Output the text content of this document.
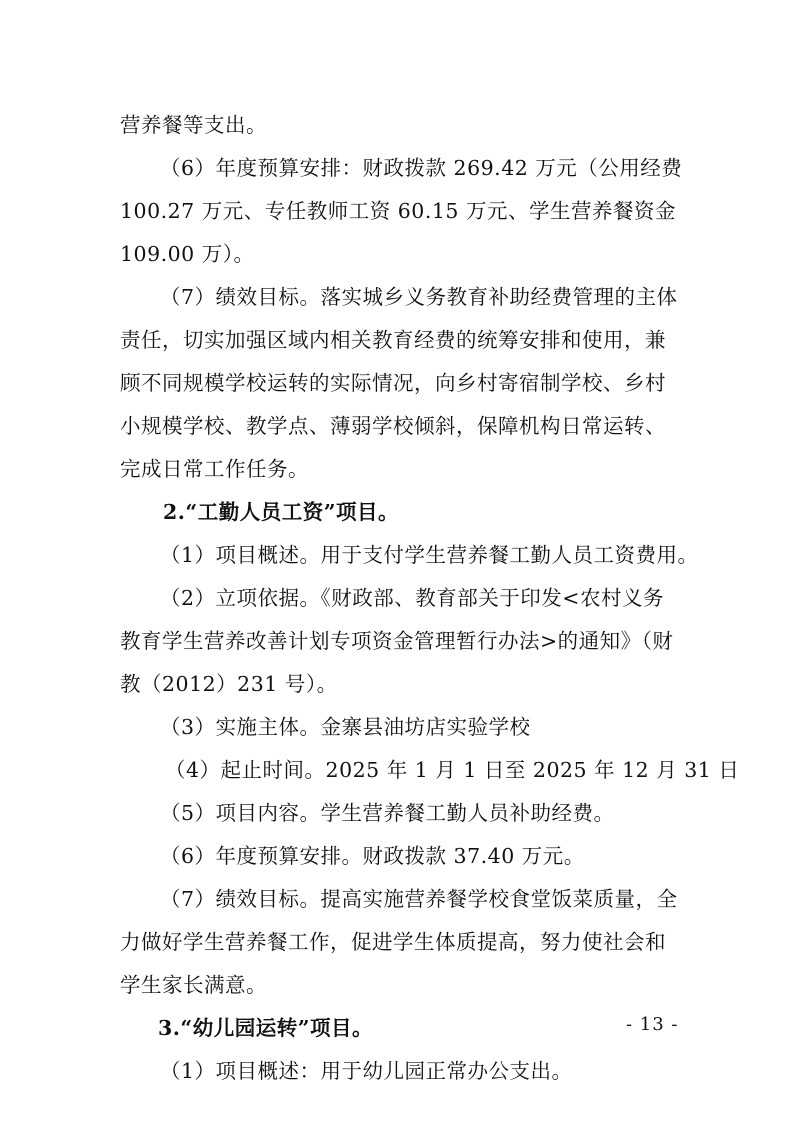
营养餐等支出。
（6）年度预算安排：财政拨款 269.42 万元（公用经费
100.27 万元、专任教师工资 60.15 万元、学生营养餐资金
109.00 万）。
（7）绩效目标。落实城乡义务教育补助经费管理的主体
责任，切实加强区域内相关教育经费的统筹安排和使用，兼
顾不同规模学校运转的实际情况，向乡村寄宿制学校、乡村
小规模学校、教学点、薄弱学校倾斜，保障机构日常运转、
完成日常工作任务。
2.“工勤人员工资”项目。
（1）项目概述。用于支付学生营养餐工勤人员工资费用。
（2）立项依据。《财政部、教育部关于印发<农村义务
教育学生营养改善计划专项资金管理暂行办法>的通知》（财
教（2012）231 号）。
（3）实施主体。金寨县油坊店实验学校
（4）起止时间。2025 年 1 月 1 日至 2025 年 12 月 31 日
（5）项目内容。学生营养餐工勤人员补助经费。
（6）年度预算安排。财政拨款 37.40 万元。
（7）绩效目标。提高实施营养餐学校食堂饭菜质量，全
力做好学生营养餐工作，促进学生体质提高，努力使社会和
学生家长满意。
3.“幼儿园运转”项目。
（1）项目概述：用于幼儿园正常办公支出。
- 13 -
